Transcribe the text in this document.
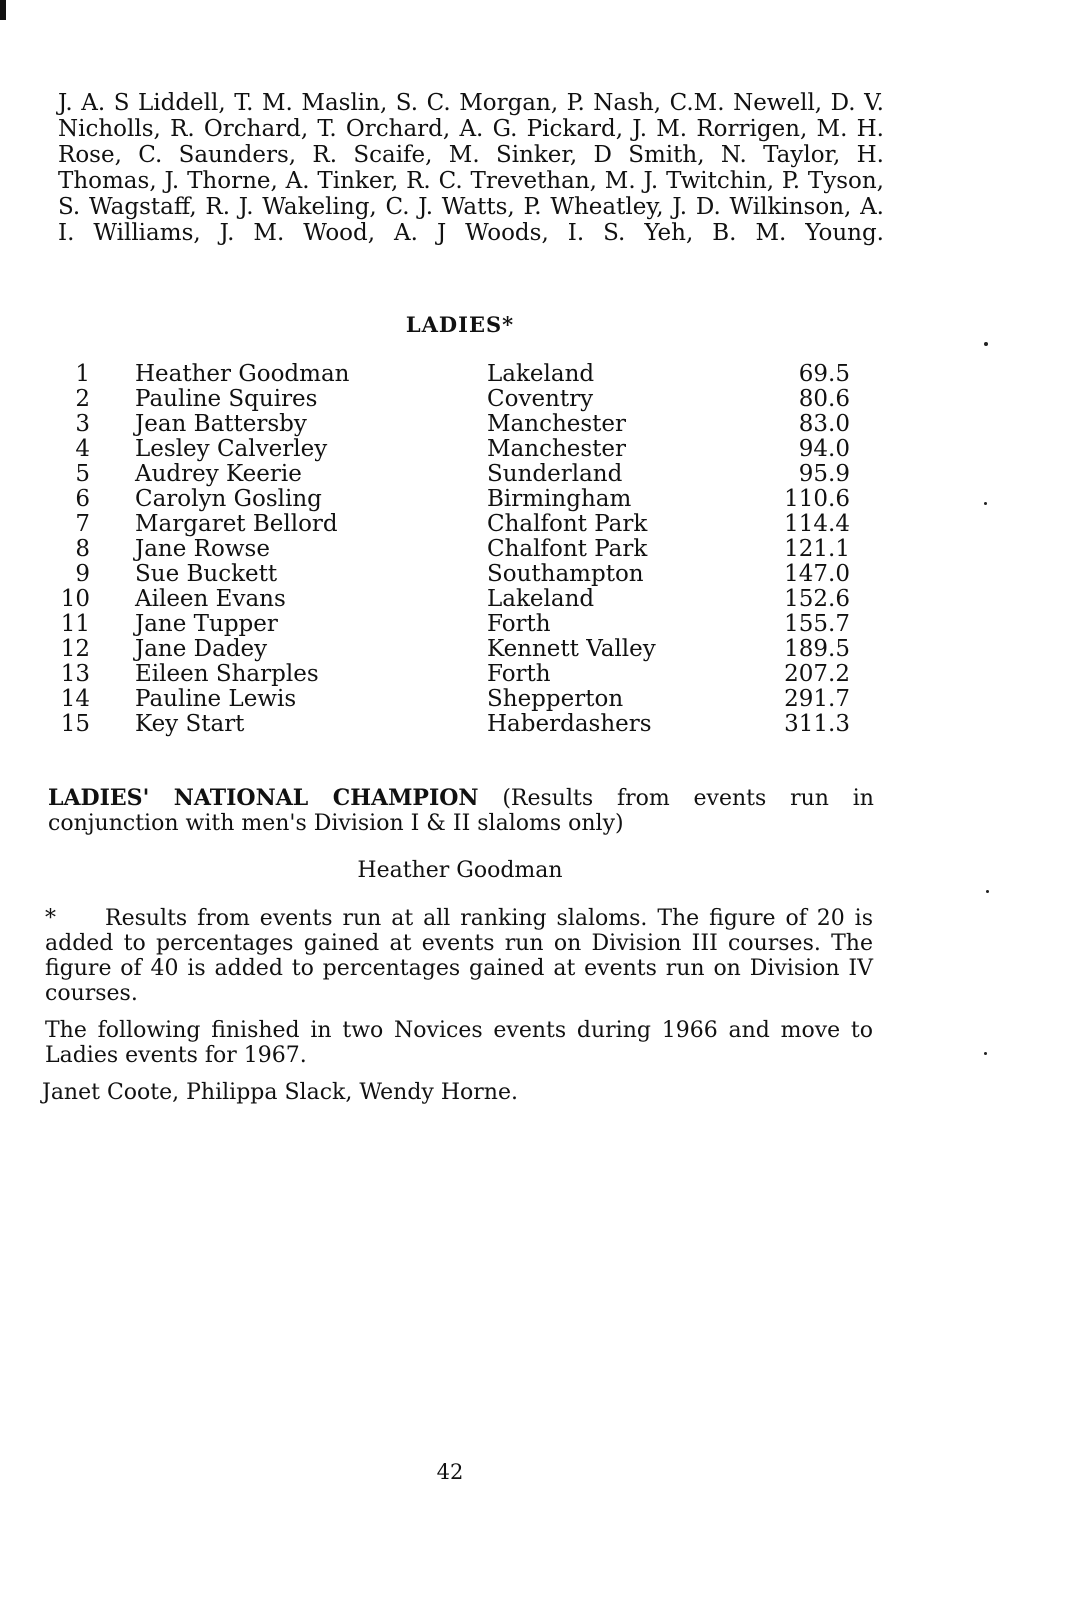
J. A. S Liddell, T. M. Maslin, S. C. Morgan, P. Nash, C.M. Newell, D. V. Nicholls, R. Orchard, T. Orchard, A. G. Pickard, J. M. Rorrigen, M. H. Rose, C. Saunders, R. Scaife, M. Sinker, D Smith, N. Taylor, H. Thomas, J. Thorne, A. Tinker, R. C. Trevethan, M. J. Twitchin, P. Tyson, S. Wagstaff, R. J. Wakeling, C. J. Watts, P. Wheatley, J. D. Wilkinson, A. I. Williams, J. M. Wood, A. J Woods, I. S. Yeh, B. M. Young.

LADIES*
1 Heather Goodman	Lakeland	69.5
2 Pauline Squires	Coventry	80.6
3 Jean Battersby	Manchester	83.0
4 Lesley Calverley	Manchester	94.0
5 Audrey Keerie	Sunderland	95.9
6 Carolyn Gosling	Birmingham	110.6
7 Margaret Bellord	Chalfont Park	114.4
8 Jane Rowse	Chalfont Park	121.1
9 Sue Buckett	Southampton	147.0
10 Aileen Evans	Lakeland	152.6
11 Jane Tupper	Forth	155.7
12 Jane Dadey	Kennett Valley	189.5
13 Eileen Sharples	Forth	207.2
14 Pauline Lewis	Shepperton	291.7
15 Key Start	Haberdashers	311.3

LADIES' NATIONAL CHAMPION (Results from events run in conjunction with men's Division I & II slaloms only)

Heather Goodman

* Results from events run at all ranking slaloms. The figure of 20 is added to percentages gained at events run on Division III courses. The figure of 40 is added to percentages gained at events run on Division IV courses.

The following finished in two Novices events during 1966 and move to Ladies events for 1967.

Janet Coote, Philippa Slack, Wendy Horne.

42
